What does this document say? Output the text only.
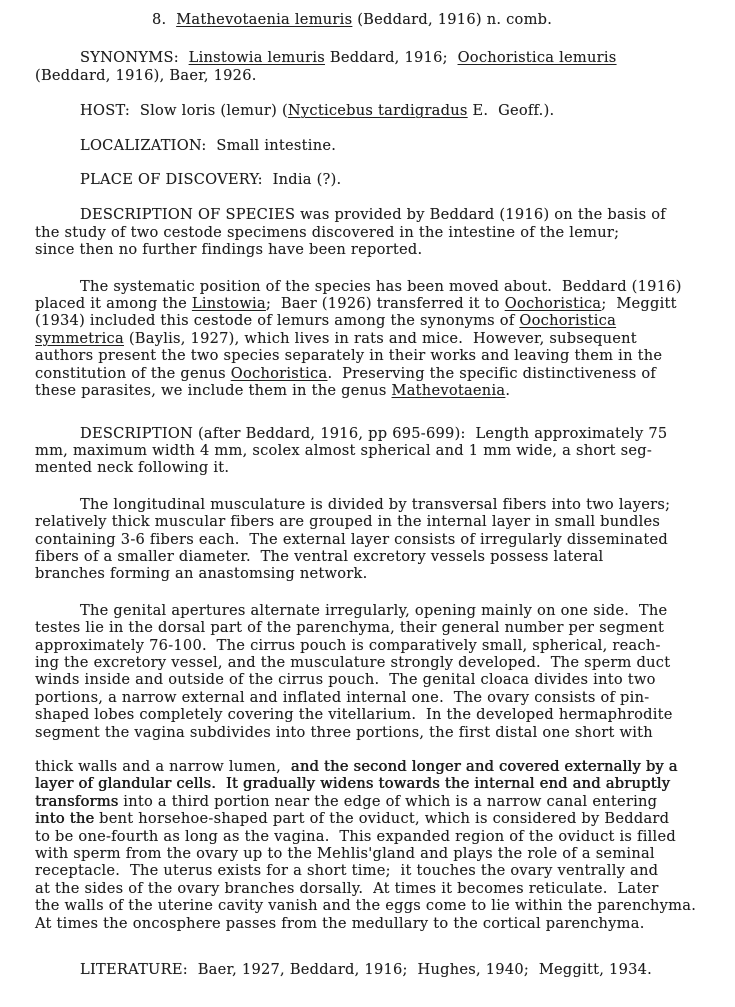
8.  Mathevotaenia lemuris (Beddard, 1916) n. comb.
SYNONYMS:  Linstowia lemuris Beddard, 1916;  Oochoristica lemuris
(Beddard, 1916), Baer, 1926.
HOST:  Slow loris (lemur) (Nycticebus tardigradus E.  Geoff.).
LOCALIZATION:  Small intestine.
PLACE OF DISCOVERY:  India (?).
DESCRIPTION OF SPECIES was provided by Beddard (1916) on the basis of
the study of two cestode specimens discovered in the intestine of the lemur;
since then no further findings have been reported.
The systematic position of the species has been moved about.  Beddard (1916)
placed it among the Linstowia;  Baer (1926) transferred it to Oochoristica;  Meggitt
(1934) included this cestode of lemurs among the synonyms of Oochoristica
symmetrica (Baylis, 1927), which lives in rats and mice.  However, subsequent
authors present the two species separately in their works and leaving them in the
constitution of the genus Oochoristica.  Preserving the specific distinctiveness of
these parasites, we include them in the genus Mathevotaenia.
DESCRIPTION (after Beddard, 1916, pp 695-699):  Length approximately 75
mm, maximum width 4 mm, scolex almost spherical and 1 mm wide, a short seg-
mented neck following it.
The longitudinal musculature is divided by transversal fibers into two layers;
relatively thick muscular fibers are grouped in the internal layer in small bundles
containing 3-6 fibers each.  The external layer consists of irregularly disseminated
fibers of a smaller diameter.  The ventral excretory vessels possess lateral
branches forming an anastomsing network.
The genital apertures alternate irregularly, opening mainly on one side.  The
testes lie in the dorsal part of the parenchyma, their general number per segment
approximately 76-100.  The cirrus pouch is comparatively small, spherical, reach-
ing the excretory vessel, and the musculature strongly developed.  The sperm duct
winds inside and outside of the cirrus pouch.  The genital cloaca divides into two
portions, a narrow external and inflated internal one.  The ovary consists of pin-
shaped lobes completely covering the vitellarium.  In the developed hermaphrodite
segment the vagina subdivides into three portions, the first distal one short with
thick walls and a narrow lumen,  and the second longer and covered externally by a
layer of glandular cells.  It gradually widens towards the internal end and abruptly
transforms into a third portion near the edge of which is a narrow canal entering
into the bent horsehoe-shaped part of the oviduct, which is considered by Beddard
to be one-fourth as long as the vagina.  This expanded region of the oviduct is filled
with sperm from the ovary up to the Mehlis'gland and plays the role of a seminal
receptacle.  The uterus exists for a short time;  it touches the ovary ventrally and
at the sides of the ovary branches dorsally.  At times it becomes reticulate.  Later
the walls of the uterine cavity vanish and the eggs come to lie within the parenchyma.
At times the oncosphere passes from the medullary to the cortical parenchyma.
LITERATURE:  Baer, 1927, Beddard, 1916;  Hughes, 1940;  Meggitt, 1934.
